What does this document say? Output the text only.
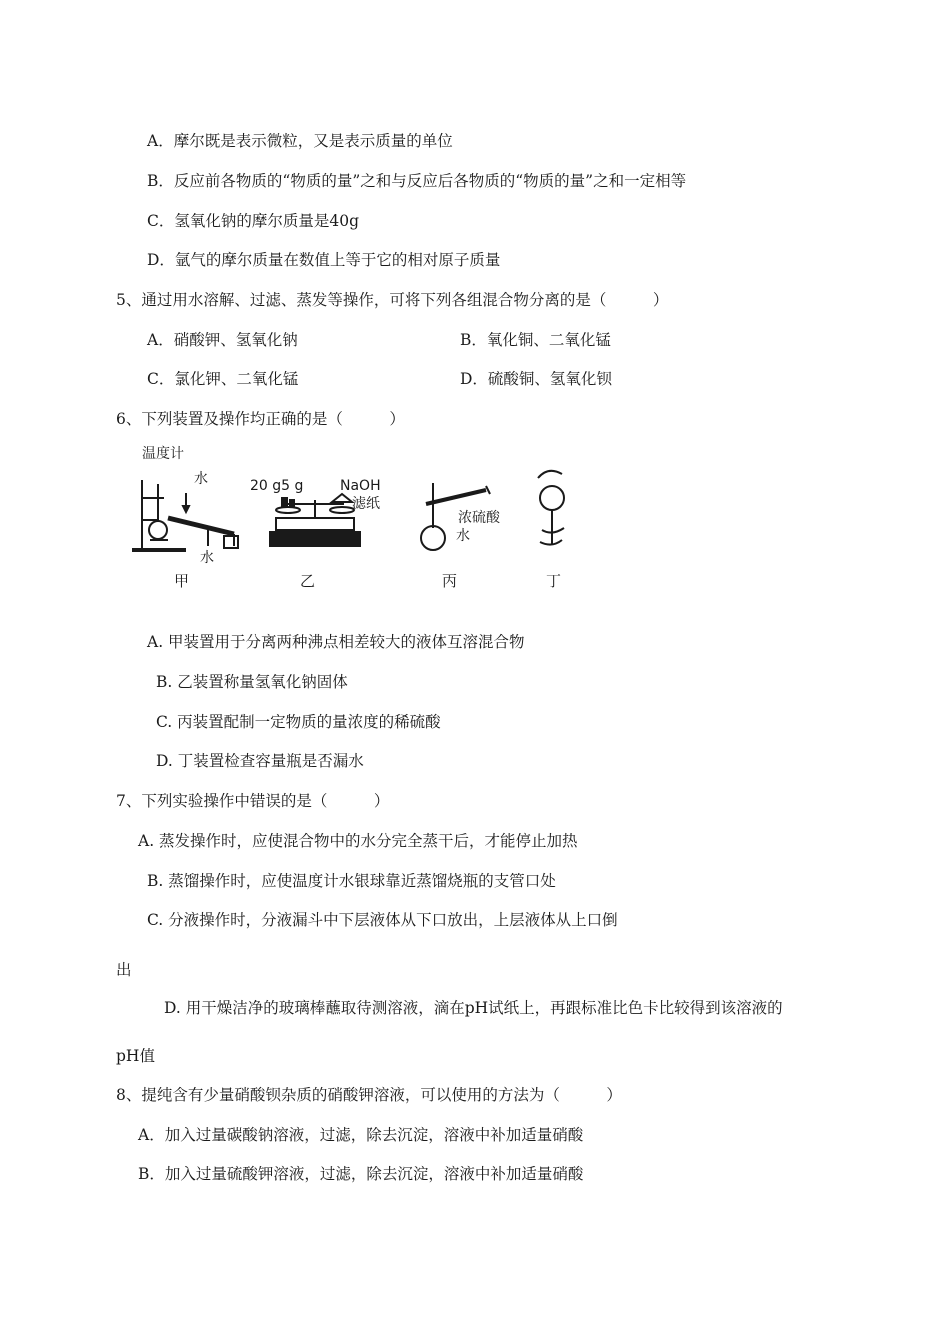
A．摩尔既是表示微粒，又是表示质量的单位
B．反应前各物质的“物质的量”之和与反应后各物质的“物质的量”之和一定相等
C．氢氧化钠的摩尔质量是40g
D．氩气的摩尔质量在数值上等于它的相对原子质量
5、通过用水溶解、过滤、蒸发等操作，可将下列各组混合物分离的是（　　　）
A．硝酸钾、氢氧化钠	B．氧化铜、二氧化锰
C．氯化钾、二氧化锰	D．硫酸铜、氢氧化钡
6、下列装置及操作均正确的是（　　　）
温度计
水
水
甲
20 g5 g	NaOH
滤纸
乙
浓硫酸
水
丙	丁
A. 甲装置用于分离两种沸点相差较大的液体互溶混合物
B. 乙装置称量氢氧化钠固体
C. 丙装置配制一定物质的量浓度的稀硫酸
D. 丁装置检查容量瓶是否漏水
7、下列实验操作中错误的是（　　　）
A. 蒸发操作时，应使混合物中的水分完全蒸干后，才能停止加热
B. 蒸馏操作时，应使温度计水银球靠近蒸馏烧瓶的支管口处
C. 分液操作时，分液漏斗中下层液体从下口放出，上层液体从上口倒
出
D. 用干燥洁净的玻璃棒蘸取待测溶液，滴在pH试纸上，再跟标准比色卡比较得到该溶液的
pH值
8、提纯含有少量硝酸钡杂质的硝酸钾溶液，可以使用的方法为（　　　）
A．加入过量碳酸钠溶液，过滤，除去沉淀，溶液中补加适量硝酸
B．加入过量硫酸钾溶液，过滤，除去沉淀，溶液中补加适量硝酸
